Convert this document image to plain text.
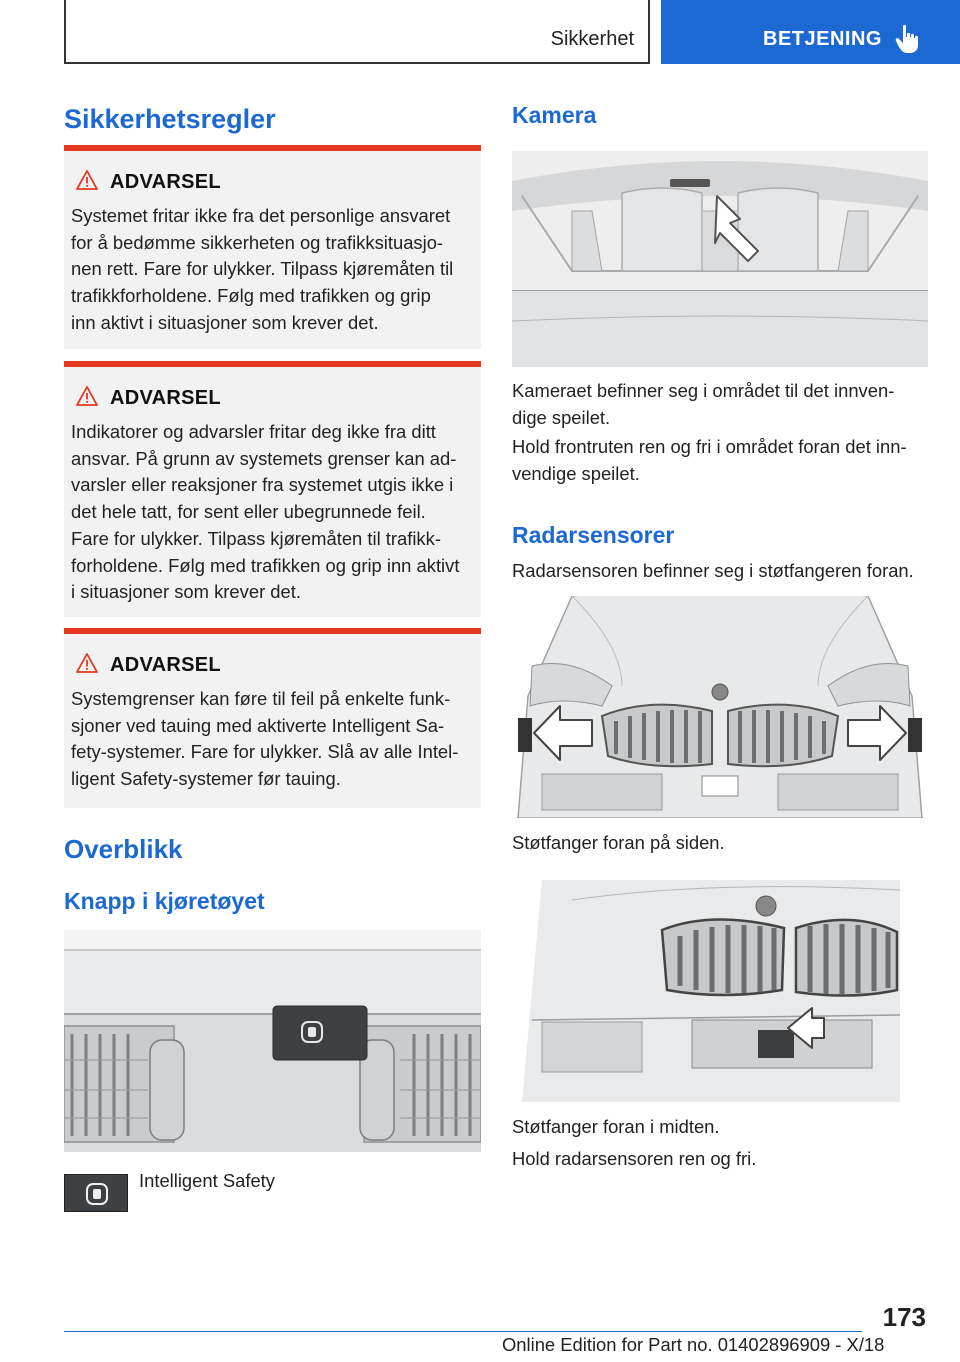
Sikkerhet	BETJENING
Sikkerhetsregler
ADVARSEL
Systemet fritar ikke fra det personlige ansvaret
for å bedømme sikkerheten og trafikksituasjo-
nen rett. Fare for ulykker. Tilpass kjøremåten til
trafikkforholdene. Følg med trafikken og grip
inn aktivt i situasjoner som krever det.
ADVARSEL
Indikatorer og advarsler fritar deg ikke fra ditt
ansvar. På grunn av systemets grenser kan ad-
varsler eller reaksjoner fra systemet utgis ikke i
det hele tatt, for sent eller ubegrunnede feil.
Fare for ulykker. Tilpass kjøremåten til trafikk-
forholdene. Følg med trafikken og grip inn aktivt
i situasjoner som krever det.
ADVARSEL
Systemgrenser kan føre til feil på enkelte funk-
sjoner ved tauing med aktiverte Intelligent Sa-
fety-systemer. Fare for ulykker. Slå av alle Intel-
ligent Safety-systemer før tauing.
Overblikk
Knapp i kjøretøyet
Intelligent Safety
Kamera
Kameraet befinner seg i området til det innven-
dige speilet.
Hold frontruten ren og fri i området foran det inn-
vendige speilet.
Radarsensorer
Radarsensoren befinner seg i støtfangeren foran.
Støtfanger foran på siden.
Støtfanger foran i midten.
Hold radarsensoren ren og fri.
173
Online Edition for Part no. 01402896909 - X/18
